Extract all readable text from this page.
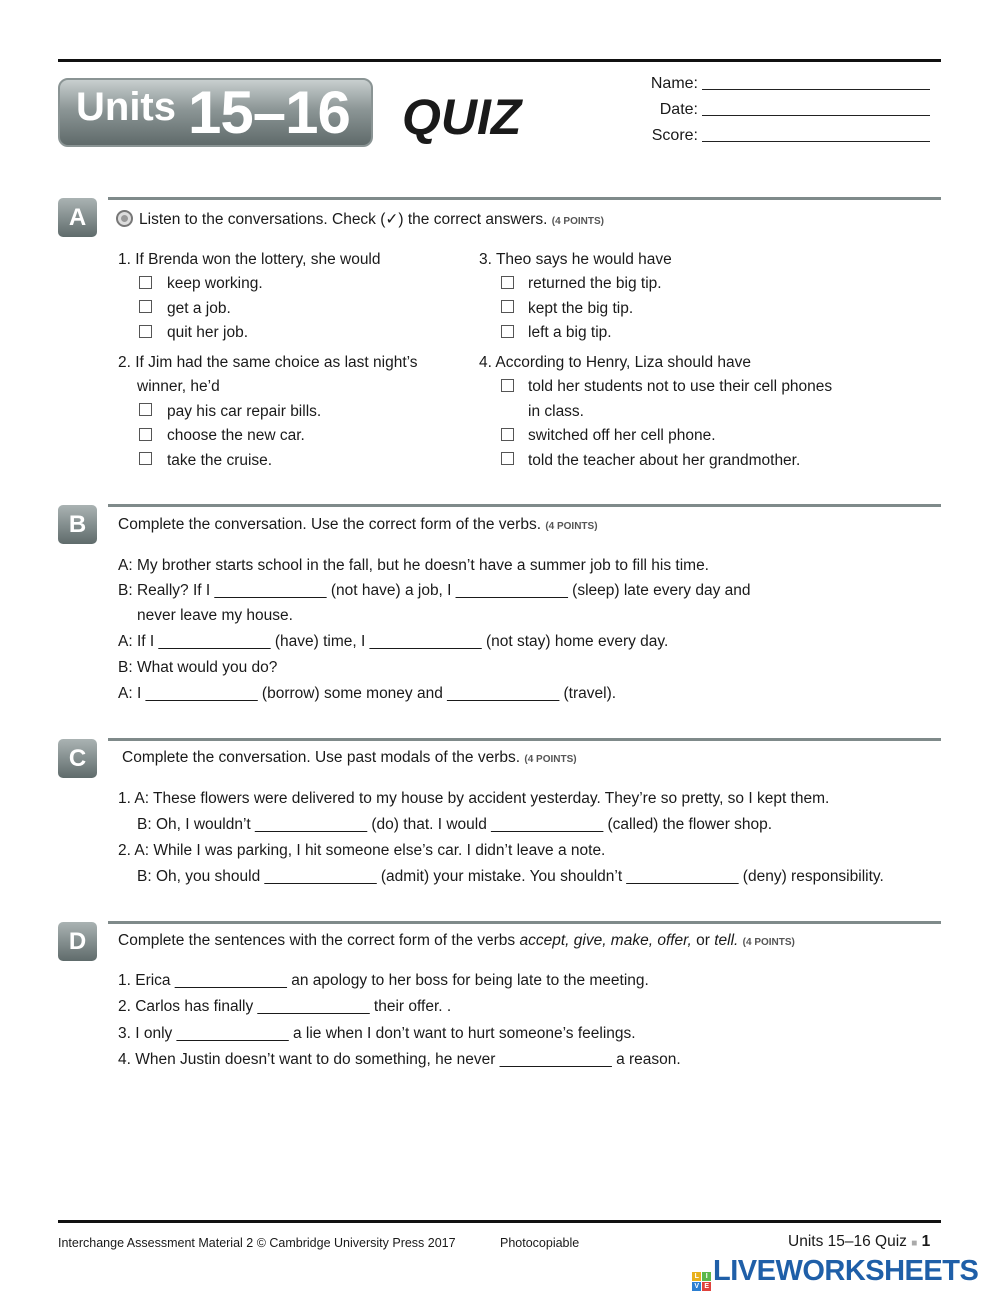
Units 15–16 QUIZ
Name:
Date:
Score:
A	Listen to the conversations. Check (✓) the correct answers. (4 POINTS)
1. If Brenda won the lottery, she would
keep working.
get a job.
quit her job.
2. If Jim had the same choice as last night’s
winner, he’d
pay his car repair bills.
choose the new car.
take the cruise.
3. Theo says he would have
returned the big tip.
kept the big tip.
left a big tip.
4. According to Henry, Liza should have
told her students not to use their cell phones
in class.
switched off her cell phone.
told the teacher about her grandmother.
B	Complete the conversation. Use the correct form of the verbs. (4 POINTS)
A: My brother starts school in the fall, but he doesn’t have a summer job to fill his time.
B: Really? If I _____________ (not have) a job, I _____________ (sleep) late every day and
never leave my house.
A: If I _____________ (have) time, I _____________ (not stay) home every day.
B: What would you do?
A: I _____________ (borrow) some money and _____________ (travel).
C	Complete the conversation. Use past modals of the verbs. (4 POINTS)
1. A: These flowers were delivered to my house by accident yesterday. They’re so pretty, so I kept them.
B: Oh, I wouldn’t _____________ (do) that. I would _____________ (called) the flower shop.
2. A: While I was parking, I hit someone else’s car. I didn’t leave a note.
B: Oh, you should _____________ (admit) your mistake. You shouldn’t _____________ (deny) responsibility.
D	Complete the sentences with the correct form of the verbs accept, give, make, offer, or tell. (4 POINTS)
1. Erica _____________ an apology to her boss for being late to the meeting.
2. Carlos has finally _____________ their offer. .
3. I only _____________ a lie when I don’t want to hurt someone’s feelings.
4. When Justin doesn’t want to do something, he never _____________ a reason.
Interchange Assessment Material 2 © Cambridge University Press 2017	Photocopiable	Units 15–16 Quiz ■ 1
L	I
V E LIVEWORKSHEETS
